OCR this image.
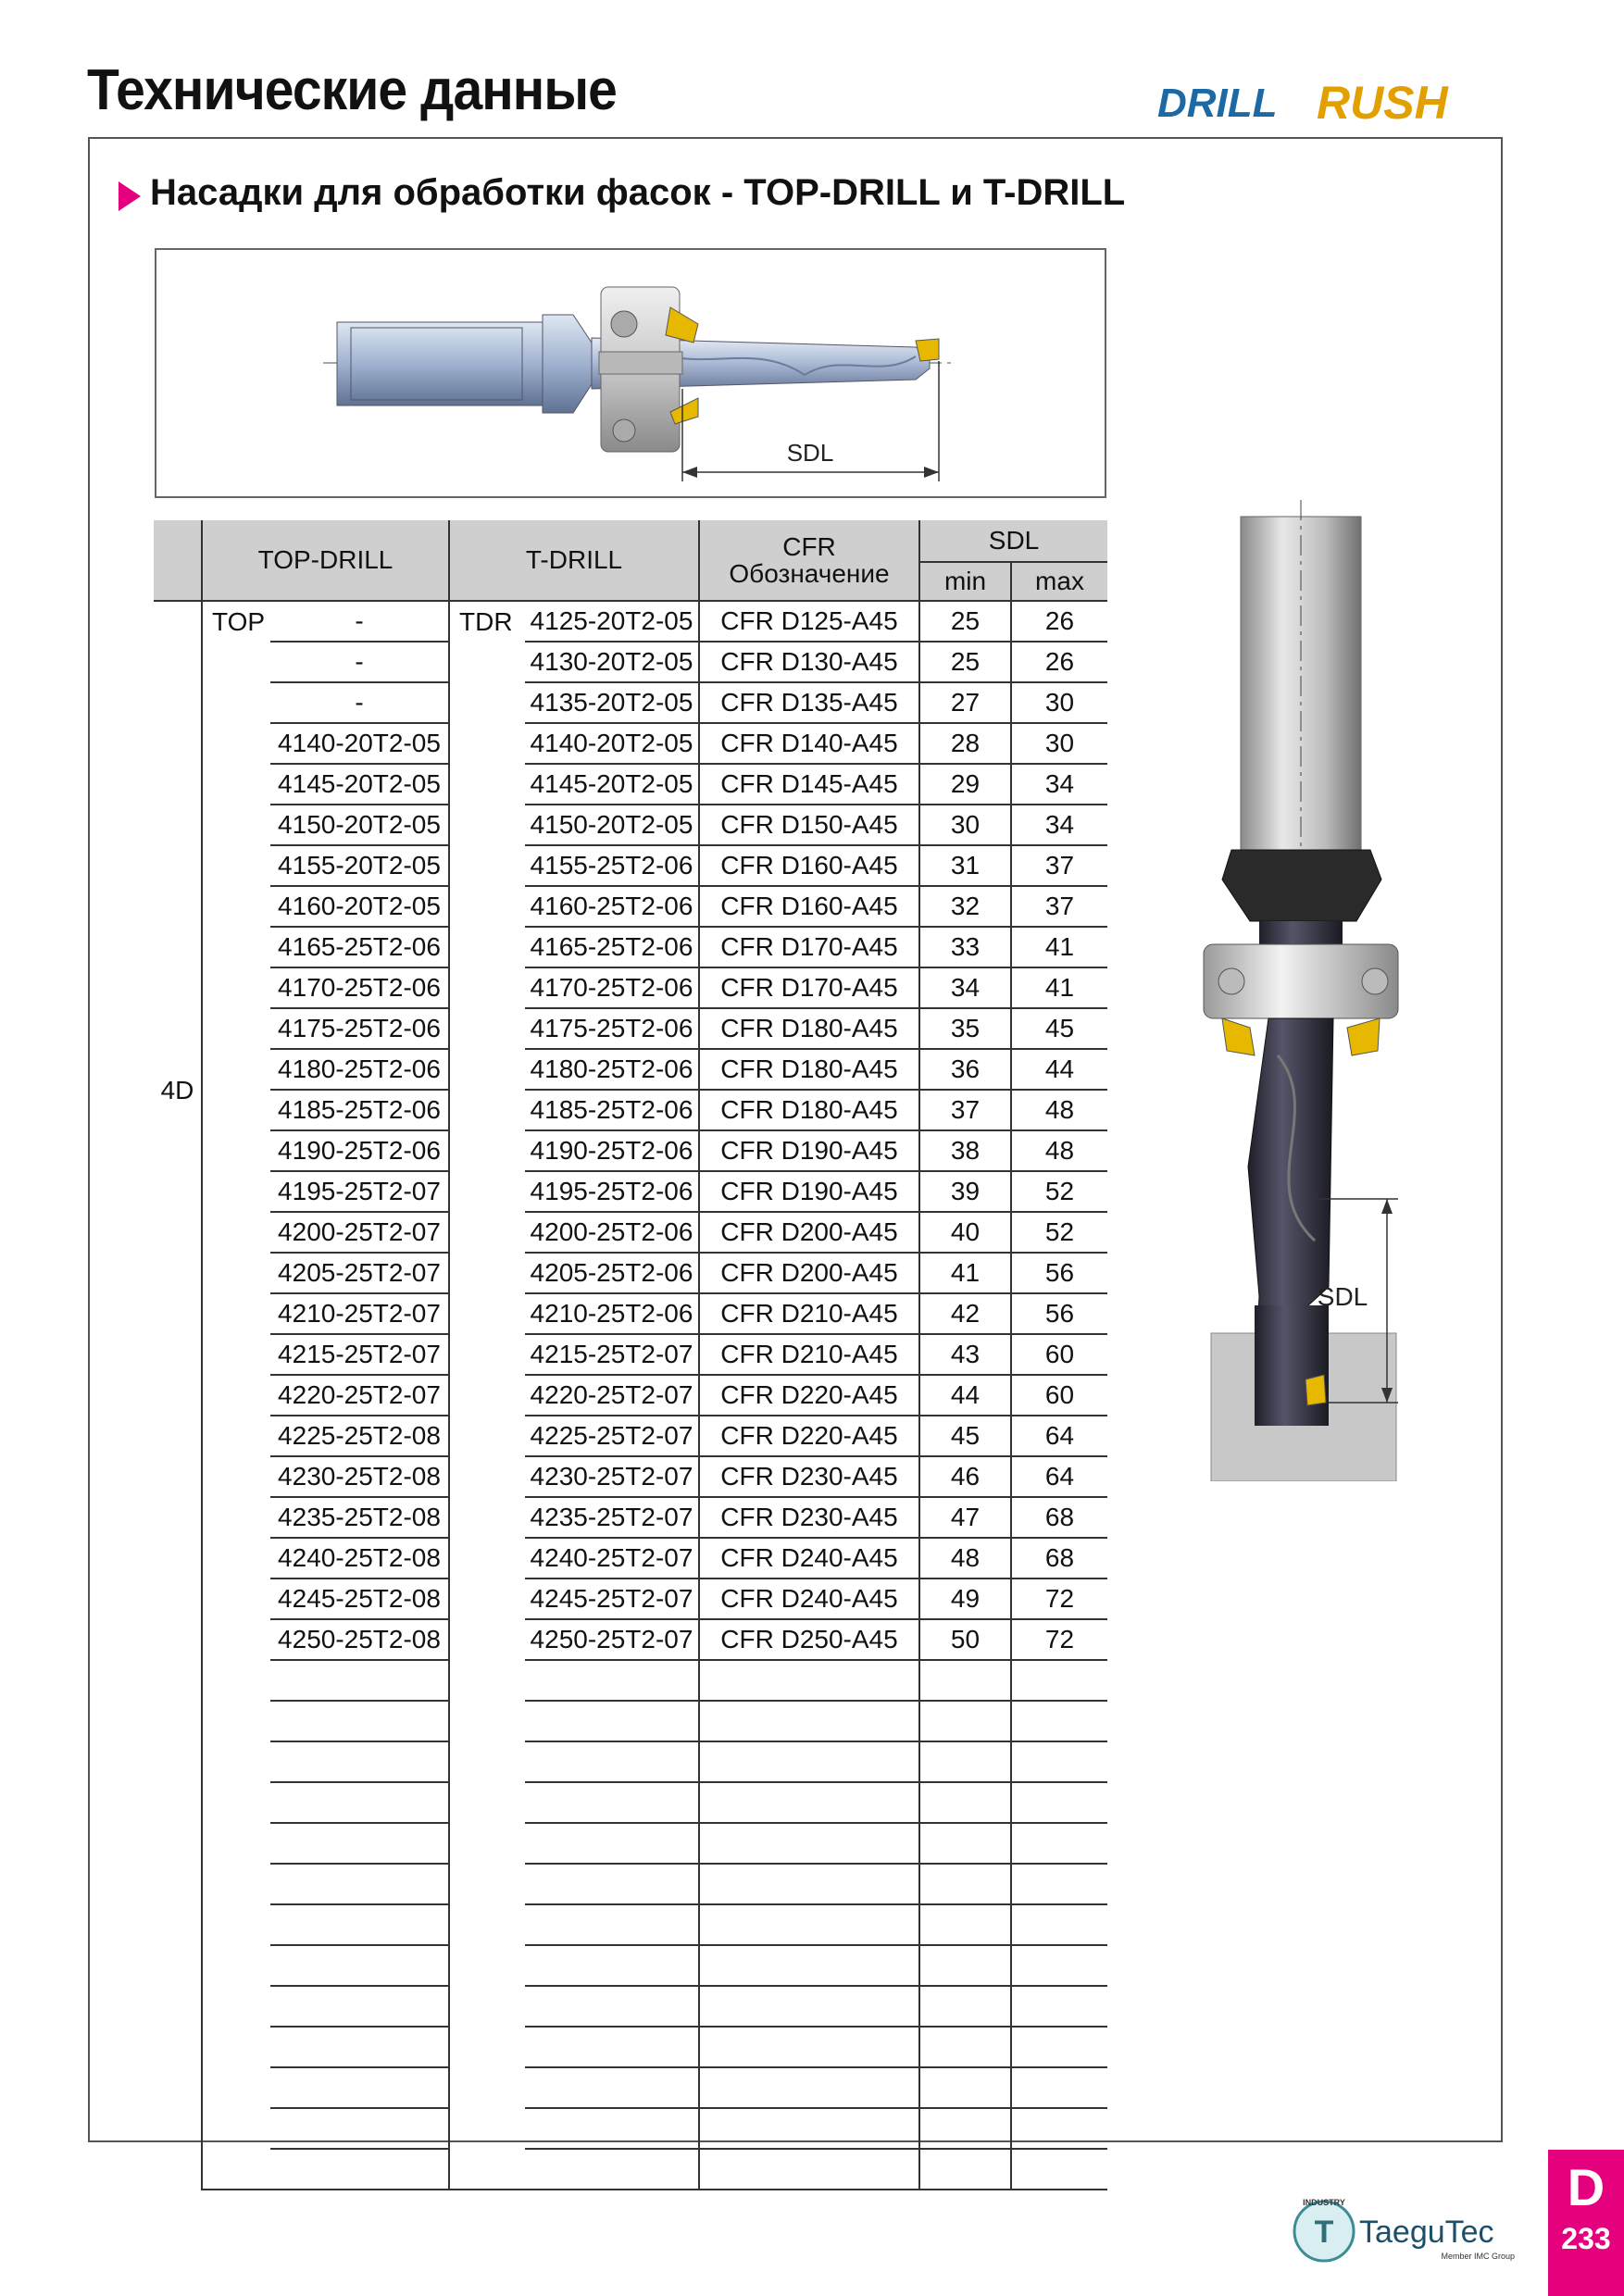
Технические данные	DRILL RUSH
Насадки для обработки фасок - TOP-DRILL и T-DRILL
SDL
	TOP-DRILL		T-DRILL		CFR
Обозначение	SDL	
						min	max
4D	TOP	-	TDR	4125-20T2-05	CFR D125-A45	25	26
		-		4130-20T2-05	CFR D130-A45	25	26
		-		4135-20T2-05	CFR D135-A45	27	30
		4140-20T2-05		4140-20T2-05	CFR D140-A45	28	30
		4145-20T2-05		4145-20T2-05	CFR D145-A45	29	34
		4150-20T2-05		4150-20T2-05	CFR D150-A45	30	34
		4155-20T2-05		4155-25T2-06	CFR D160-A45	31	37
		4160-20T2-05		4160-25T2-06	CFR D160-A45	32	37
		4165-25T2-06		4165-25T2-06	CFR D170-A45	33	41
		4170-25T2-06		4170-25T2-06	CFR D170-A45	34	41
		4175-25T2-06		4175-25T2-06	CFR D180-A45	35	45
		4180-25T2-06		4180-25T2-06	CFR D180-A45	36	44
		4185-25T2-06		4185-25T2-06	CFR D180-A45	37	48
		4190-25T2-06		4190-25T2-06	CFR D190-A45	38	48
		4195-25T2-07		4195-25T2-06	CFR D190-A45	39	52
		4200-25T2-07		4200-25T2-06	CFR D200-A45	40	52
		4205-25T2-07		4205-25T2-06	CFR D200-A45	41	56
		4210-25T2-07		4210-25T2-06	CFR D210-A45	42	56
		4215-25T2-07		4215-25T2-07	CFR D210-A45	43	60
		4220-25T2-07		4220-25T2-07	CFR D220-A45	44	60
		4225-25T2-08		4225-25T2-07	CFR D220-A45	45	64
		4230-25T2-08		4230-25T2-07	CFR D230-A45	46	64
		4235-25T2-08		4235-25T2-07	CFR D230-A45	47	68
		4240-25T2-08		4240-25T2-07	CFR D240-A45	48	68
		4245-25T2-08		4245-25T2-07	CFR D240-A45	49	72
		4250-25T2-08		4250-25T2-07	CFR D250-A45	50	72

SDL
T
INDUSTRY
TaeguTec
Member IMC Group
D
233
